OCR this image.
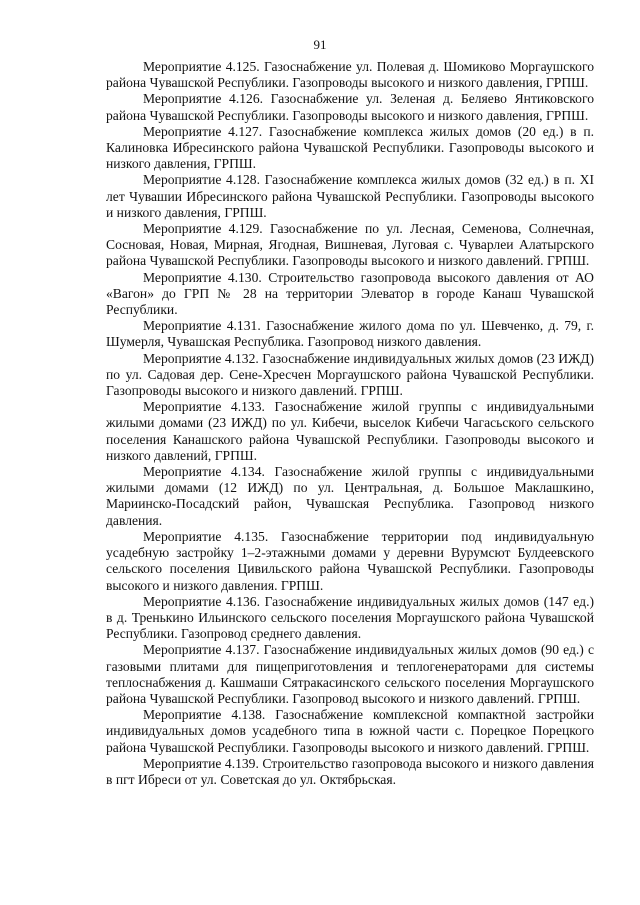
91

Мероприятие 4.125. Газоснабжение ул. Полевая д. Шомиково Моргаушского района Чувашской Республики. Газопроводы высокого и низкого давления, ГРПШ.

Мероприятие 4.126. Газоснабжение ул. Зеленая д. Беляево Янтиковского района Чувашской Республики. Газопроводы высокого и низкого давления, ГРПШ.

Мероприятие 4.127. Газоснабжение комплекса жилых домов (20 ед.) в п. Калиновка Ибресинского района Чувашской Республики. Газопроводы высокого и низкого давления, ГРПШ.

Мероприятие 4.128. Газоснабжение комплекса жилых домов (32 ед.) в п. XI лет Чувашии Ибресинского района Чувашской Республики. Газопроводы высокого и низкого давления, ГРПШ.

Мероприятие 4.129. Газоснабжение по ул. Лесная, Семенова, Солнечная, Сосновая, Новая, Мирная, Ягодная, Вишневая, Луговая с. Чуварлеи Алатырского района Чувашской Республики. Газопроводы высокого и низкого давлений. ГРПШ.

Мероприятие 4.130. Строительство газопровода высокого давления от АО «Вагон» до ГРП № 28 на территории Элеватор в городе Канаш Чувашской Республики.

Мероприятие 4.131. Газоснабжение жилого дома по ул. Шевченко, д. 79, г. Шумерля, Чувашская Республика. Газопровод низкого давления.

Мероприятие 4.132. Газоснабжение индивидуальных жилых домов (23 ИЖД) по ул. Садовая дер. Сене-Хресчен Моргаушского района Чувашской Республики. Газопроводы высокого и низкого давлений. ГРПШ.

Мероприятие 4.133. Газоснабжение жилой группы с индивидуальными жилыми домами (23 ИЖД) по ул. Кибечи, выселок Кибечи Чагасьского сельского поселения Канашского района Чувашской Республики. Газопроводы высокого и низкого давлений, ГРПШ.

Мероприятие 4.134. Газоснабжение жилой группы с индивидуальными жилыми домами (12 ИЖД) по ул. Центральная, д. Большое Маклашкино, Мариинско-Посадский район, Чувашская Республика. Газопровод низкого давления.

Мероприятие 4.135. Газоснабжение территории под индивидуальную усадебную застройку 1–2-этажными домами у деревни Вурумсют Булдеевского сельского поселения Цивильского района Чувашской Республики. Газопроводы высокого и низкого давления. ГРПШ.

Мероприятие 4.136. Газоснабжение индивидуальных жилых домов (147 ед.) в д. Тренькино Ильинского сельского поселения Моргаушского района Чувашской Республики. Газопровод среднего давления.

Мероприятие 4.137. Газоснабжение индивидуальных жилых домов (90 ед.) с газовыми плитами для пищеприготовления и теплогенераторами для системы теплоснабжения д. Кашмаши Сятракасинского сельского поселения Моргаушского района Чувашской Республики. Газопровод высокого и низкого давлений. ГРПШ.

Мероприятие 4.138. Газоснабжение комплексной компактной застройки индивидуальных домов усадебного типа в южной части с. Порецкое Порецкого района Чувашской Республики. Газопроводы высокого и низкого давлений. ГРПШ.

Мероприятие 4.139. Строительство газопровода высокого и низкого давления в пгт Ибреси от ул. Советская до ул. Октябрьская.
